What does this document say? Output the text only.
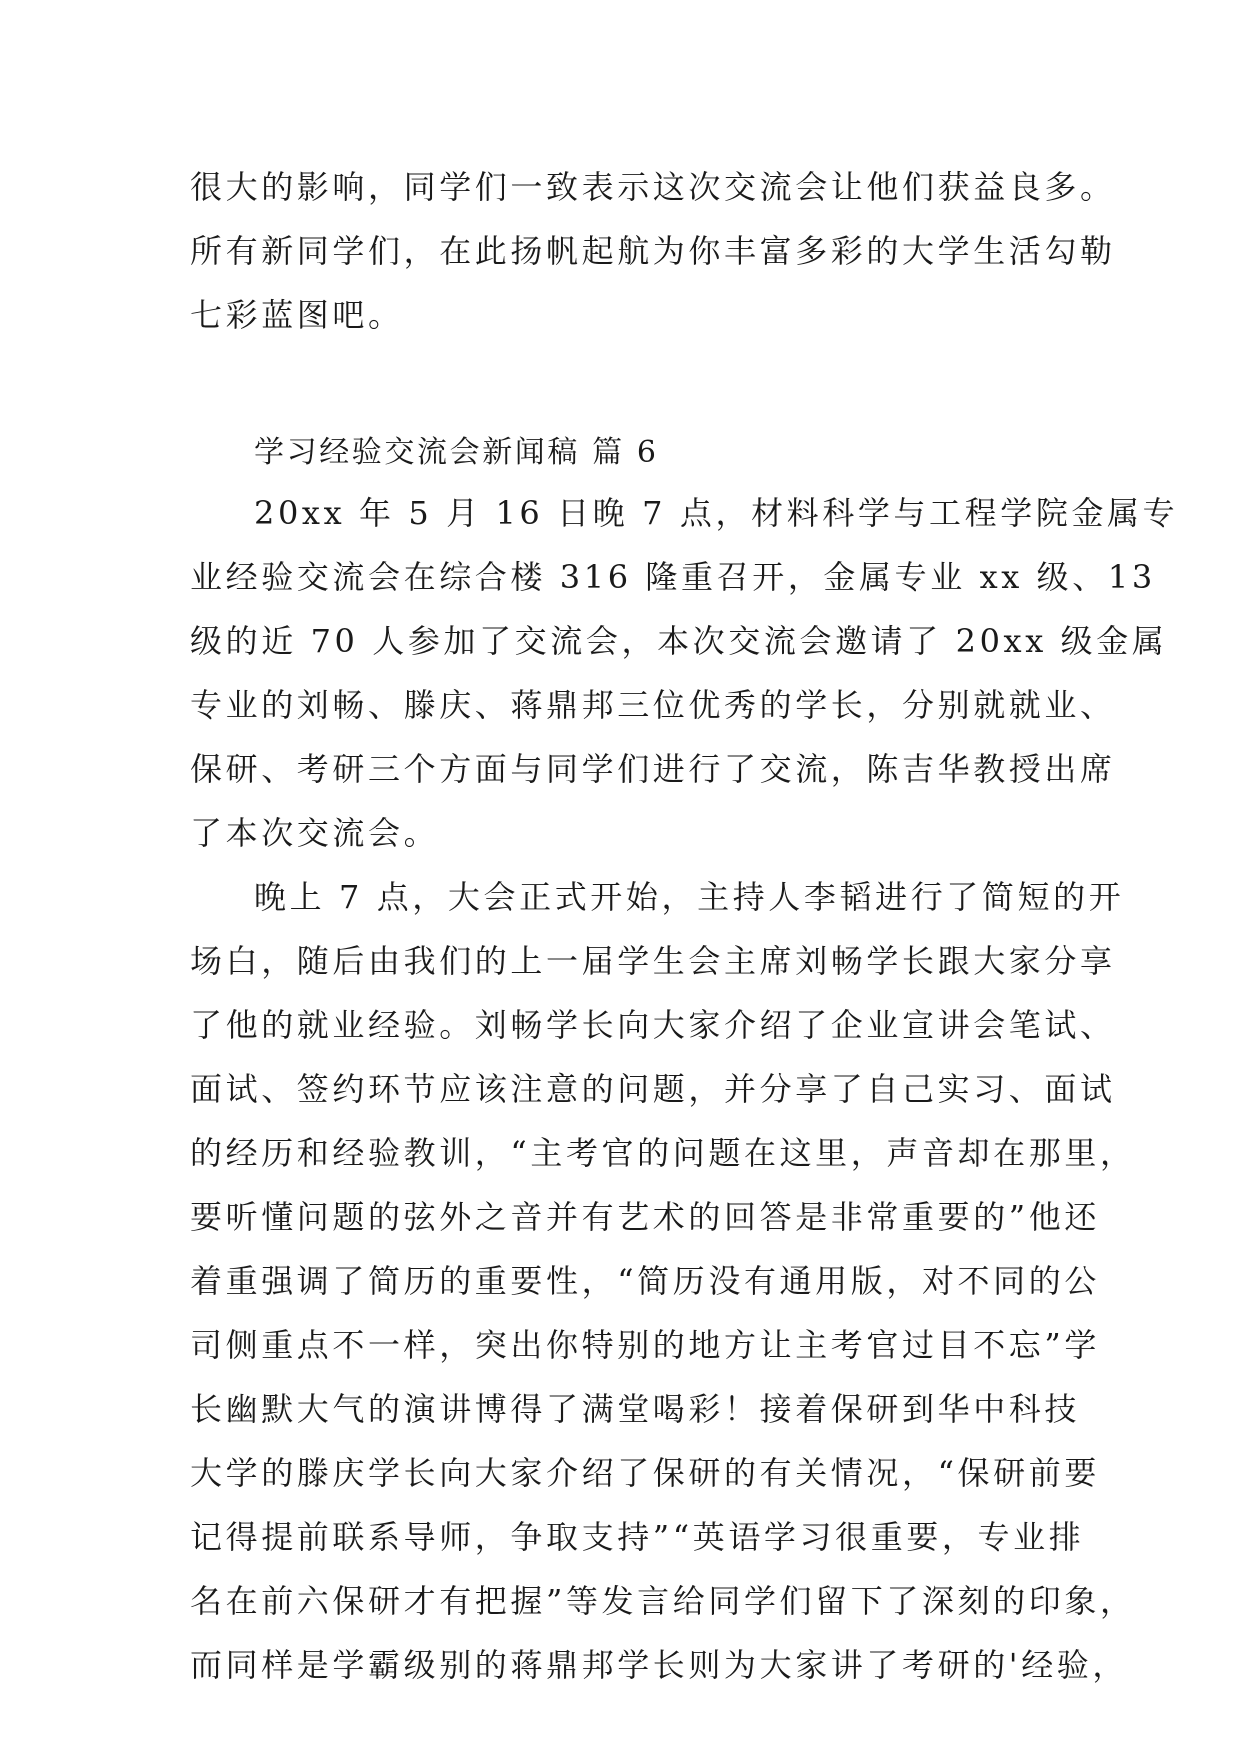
很大的影响，同学们一致表示这次交流会让他们获益良多。
所有新同学们，在此扬帆起航为你丰富多彩的大学生活勾勒
七彩蓝图吧。
学习经验交流会新闻稿 篇 6
20xx 年 5 月 16 日晚 7 点，材料科学与工程学院金属专
业经验交流会在综合楼 316 隆重召开，金属专业 xx 级、13
级的近 70 人参加了交流会，本次交流会邀请了 20xx 级金属
专业的刘畅、滕庆、蒋鼎邦三位优秀的学长，分别就就业、
保研、考研三个方面与同学们进行了交流，陈吉华教授出席
了本次交流会。
晚上 7 点，大会正式开始，主持人李韬进行了简短的开
场白，随后由我们的上一届学生会主席刘畅学长跟大家分享
了他的就业经验。刘畅学长向大家介绍了企业宣讲会笔试、
面试、签约环节应该注意的问题，并分享了自己实习、面试
的经历和经验教训，“主考官的问题在这里，声音却在那里，
要听懂问题的弦外之音并有艺术的回答是非常重要的”他还
着重强调了简历的重要性，“简历没有通用版，对不同的公
司侧重点不一样，突出你特别的地方让主考官过目不忘”学
长幽默大气的演讲博得了满堂喝彩！接着保研到华中科技
大学的滕庆学长向大家介绍了保研的有关情况，“保研前要
记得提前联系导师，争取支持”“英语学习很重要，专业排
名在前六保研才有把握”等发言给同学们留下了深刻的印象，
而同样是学霸级别的蒋鼎邦学长则为大家讲了考研的'经验，
